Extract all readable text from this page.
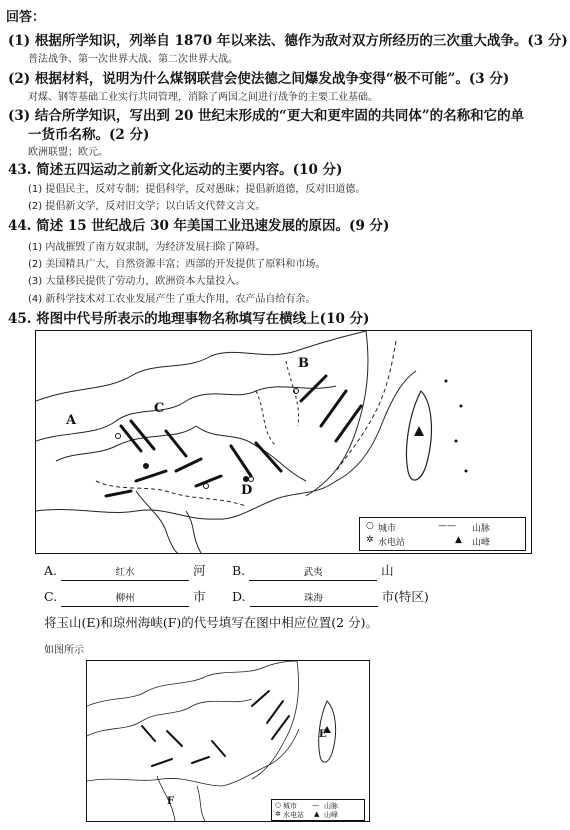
回答：
(1) 根据所学知识，列举自 1870 年以来法、德作为敌对双方所经历的三次重大战争。(3 分)
普法战争、第一次世界大战、第二次世界大战。
(2) 根据材料，说明为什么煤钢联营会使法德之间爆发战争变得“极不可能”。(3 分)
对煤、钢等基础工业实行共同管理，消除了两国之间进行战争的主要工业基础。
(3) 结合所学知识，写出到 20 世纪末形成的“更大和更牢固的共同体”的名称和它的单
一货币名称。(2 分)
欧洲联盟；欧元。
43. 简述五四运动之前新文化运动的主要内容。(10 分)
(1) 提倡民主，反对专制；提倡科学，反对愚昧；提倡新道德，反对旧道德。
(2) 提倡新文学，反对旧文学；以白话文代替文言文。
44. 简述 15 世纪战后 30 年美国工业迅速发展的原因。(9 分)
(1) 内战摧毁了南方奴隶制，为经济发展扫除了障碍。
(2) 美国精具广大，自然资源丰富；西部的开发提供了原料和市场。
(3) 大量移民提供了劳动力，欧洲资本大量投入。
(4) 新科学技术对工农业发展产生了重大作用，农产品自给有余。
45. 将图中代号所表示的地理事物名称填写在横线上(10 分)
A
B
C
D
○ 城市	—— 山脉
✲ 水电站	▲ 山峰
A.	红水	河 B.	武夷	山
C.	柳州	市 D.	珠海	市(特区)
将玉山(E)和琼州海峡(F)的代号填写在图中相应位置(2 分)。
如图所示
E
F	○ 城市 — 山脉
✲ 水电站 ▲ 山峰
